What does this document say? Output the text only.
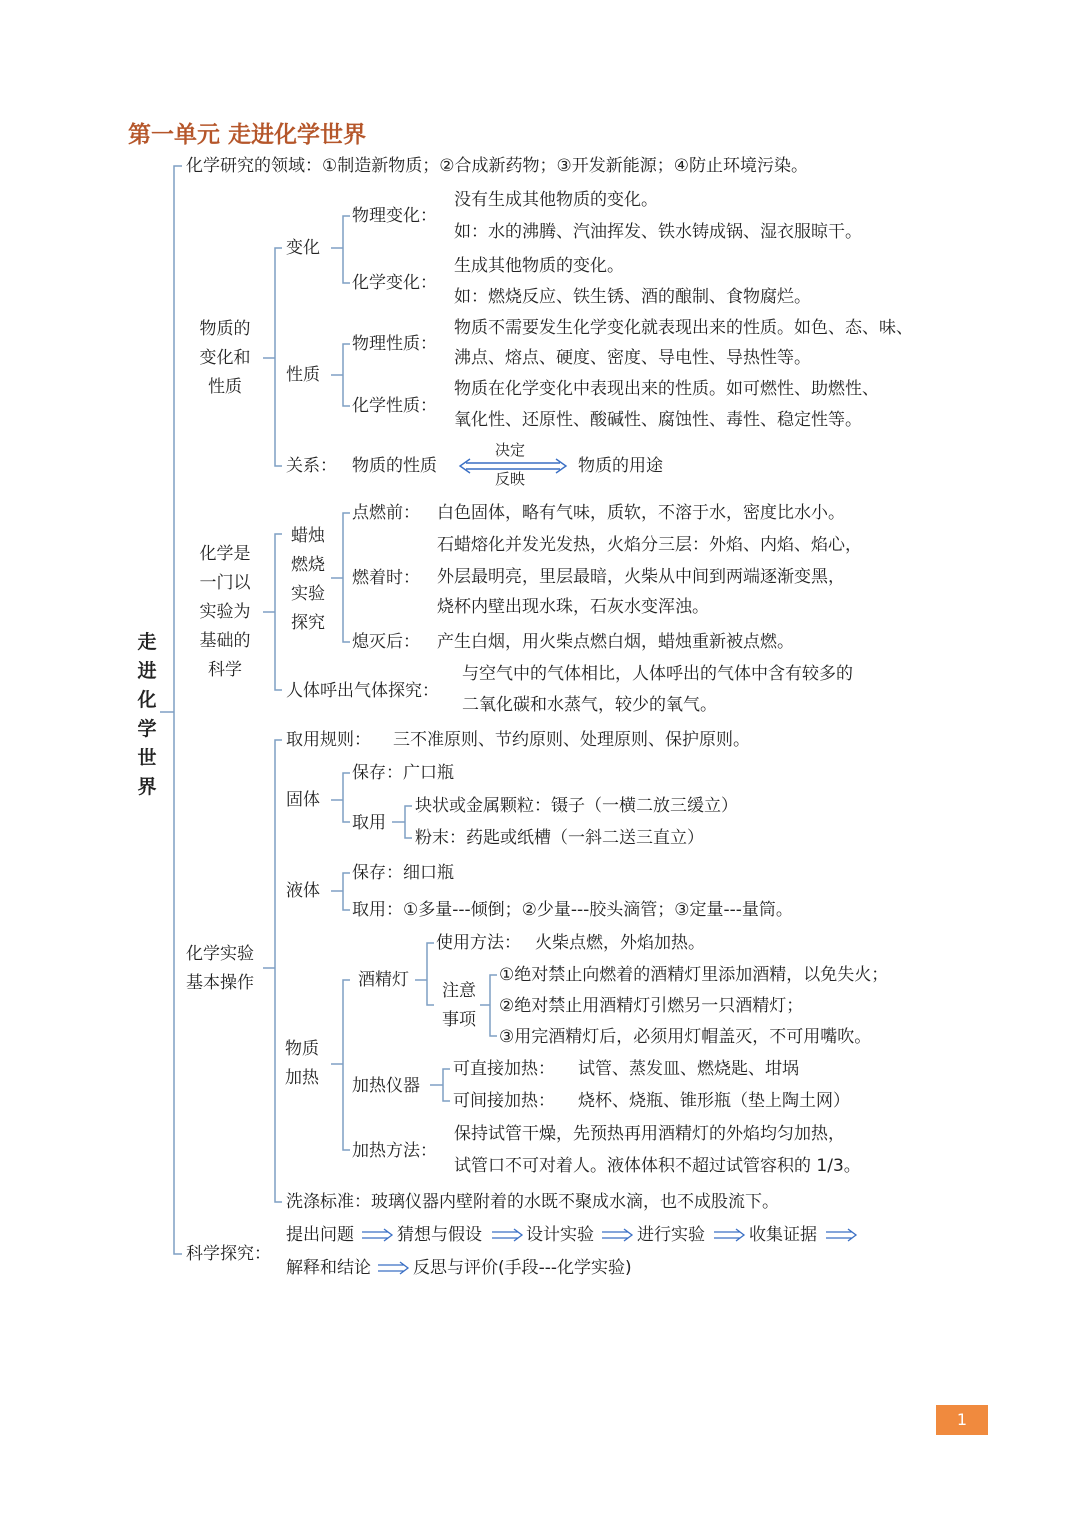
第一单元 走进化学世界
走进化学世界
化学研究的领域：①制造新物质；②合成新药物；③开发新能源；④防止环境污染。
物质的变化和性质
变化
物理变化：
没有生成其他物质的变化。
如：水的沸腾、汽油挥发、铁水铸成锅、湿衣服晾干。
化学变化：
生成其他物质的变化。
如：燃烧反应、铁生锈、酒的酿制、食物腐烂。
性质
物理性质：
物质不需要发生化学变化就表现出来的性质。如色、态、味、
沸点、熔点、硬度、密度、导电性、导热性等。
化学性质：
物质在化学变化中表现出来的性质。如可燃性、助燃性、
氧化性、还原性、酸碱性、腐蚀性、毒性、稳定性等。
关系： 物质的性质
决定
反映
物质的用途
化学是一门以实验为基础的科学
蜡烛燃烧实验探究
点燃前： 白色固体，略有气味，质软，不溶于水，密度比水小。
燃着时：
石蜡熔化并发光发热，火焰分三层：外焰、内焰、焰心，
外层最明亮，里层最暗，火柴从中间到两端逐渐变黑，
烧杯内壁出现水珠，石灰水变浑浊。
熄灭后： 产生白烟，用火柴点燃白烟，蜡烛重新被点燃。
人体呼出气体探究：
与空气中的气体相比，人体呼出的气体中含有较多的
二氧化碳和水蒸气，较少的氧气。
化学实验基本操作
取用规则： 三不准原则、节约原则、处理原则、保护原则。
固体
保存：广口瓶
取用
块状或金属颗粒：镊子（一横二放三缓立）
粉末：药匙或纸槽（一斜二送三直立）
液体
保存：细口瓶
取用：①多量---倾倒；②少量---胶头滴管；③定量---量筒。
物质加热
酒精灯
使用方法： 火柴点燃，外焰加热。
注意事项
①绝对禁止向燃着的酒精灯里添加酒精，以免失火；
②绝对禁止用酒精灯引燃另一只酒精灯；
③用完酒精灯后，必须用灯帽盖灭，不可用嘴吹。
加热仪器
可直接加热： 试管、蒸发皿、燃烧匙、坩埚
可间接加热： 烧杯、烧瓶、锥形瓶（垫上陶土网）
加热方法：
保持试管干燥，先预热再用酒精灯的外焰均匀加热，
试管口不可对着人。液体体积不超过试管容积的 1/3。
洗涤标准：玻璃仪器内壁附着的水既不聚成水滴，也不成股流下。
科学探究：
提出问题	猜想与假设	设计实验	进行实验	收集证据
解释和结论 反思与评价(手段---化学实验)
1
